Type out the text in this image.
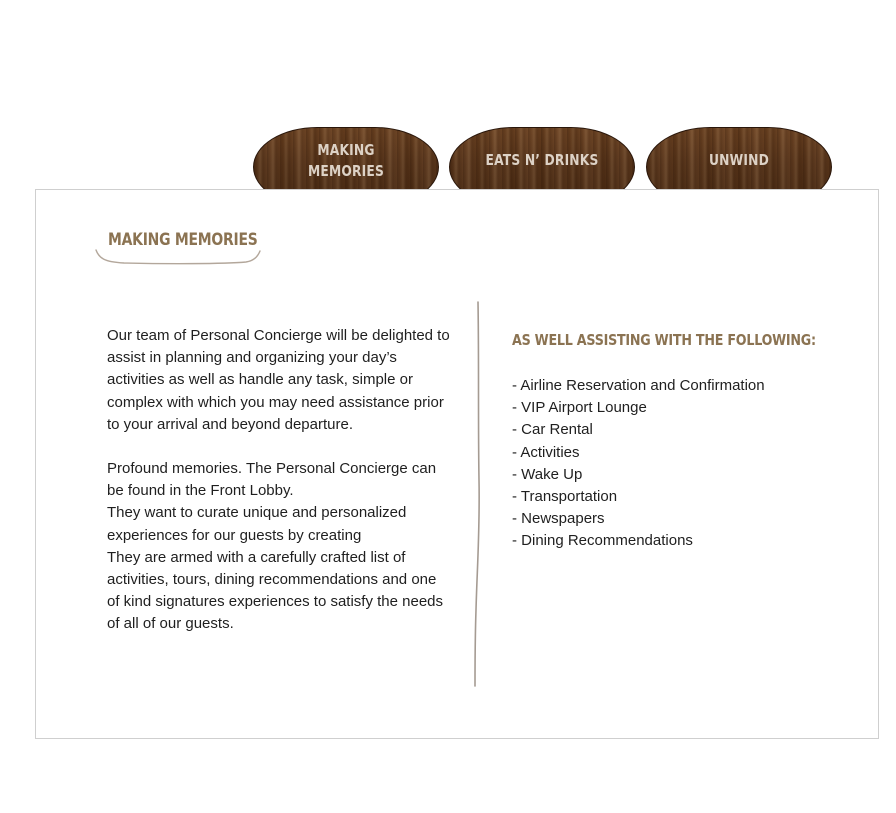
MAKING
MEMORIES
EATS N’ DRINKS	UNWIND
MAKING MEMORIES

Our team of Personal Concierge will be delighted to assist in planning and organizing your day’s activities as well as handle any task, simple or complex with which you may need assistance prior to your arrival and beyond departure.

Profound memories. The Personal Concierge can be found in the Front Lobby.

They want to curate unique and personalized experiences for our guests by creating

They are armed with a carefully crafted list of activities, tours, dining recommendations and one of kind signatures experiences to satisfy the needs of all of our guests.

AS WELL ASSISTING WITH THE FOLLOWING:
- Airline Reservation and Confirmation
- VIP Airport Lounge
- Car Rental
- Activities
- Wake Up
- Transportation
- Newspapers
- Dining Recommendations
